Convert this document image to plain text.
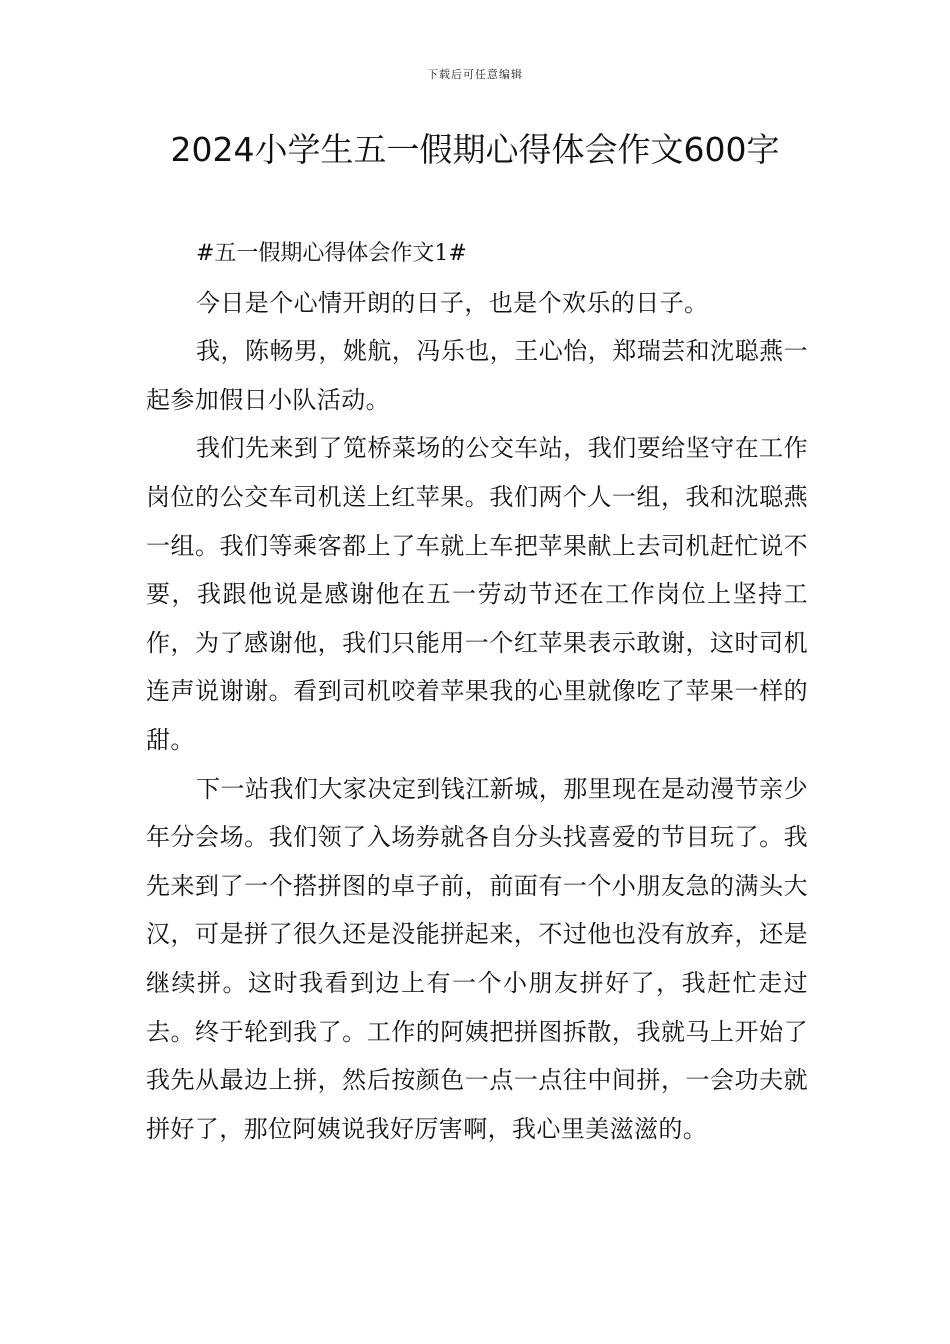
下载后可任意编辑
2024小学生五一假期心得体会作文600字

#五一假期心得体会作文1#

今日是个心情开朗的日子，也是个欢乐的日子。

我，陈畅男，姚航，冯乐也，王心怡，郑瑞芸和沈聪燕一起参加假日小队活动。

我们先来到了笕桥菜场的公交车站，我们要给坚守在工作岗位的公交车司机送上红苹果。我们两个人一组，我和沈聪燕一组。我们等乘客都上了车就上车把苹果献上去司机赶忙说不要，我跟他说是感谢他在五一劳动节还在工作岗位上坚持工作，为了感谢他，我们只能用一个红苹果表示敢谢，这时司机连声说谢谢。看到司机咬着苹果我的心里就像吃了苹果一样的甜。

下一站我们大家决定到钱江新城，那里现在是动漫节亲少年分会场。我们领了入场券就各自分头找喜爱的节目玩了。我先来到了一个搭拼图的卓子前，前面有一个小朋友急的满头大汉，可是拼了很久还是没能拼起来，不过他也没有放弃，还是继续拼。这时我看到边上有一个小朋友拼好了，我赶忙走过去。终于轮到我了。工作的阿姨把拼图拆散，我就马上开始了我先从最边上拼，然后按颜色一点一点往中间拼，一会功夫就拼好了，那位阿姨说我好厉害啊，我心里美滋滋的。
